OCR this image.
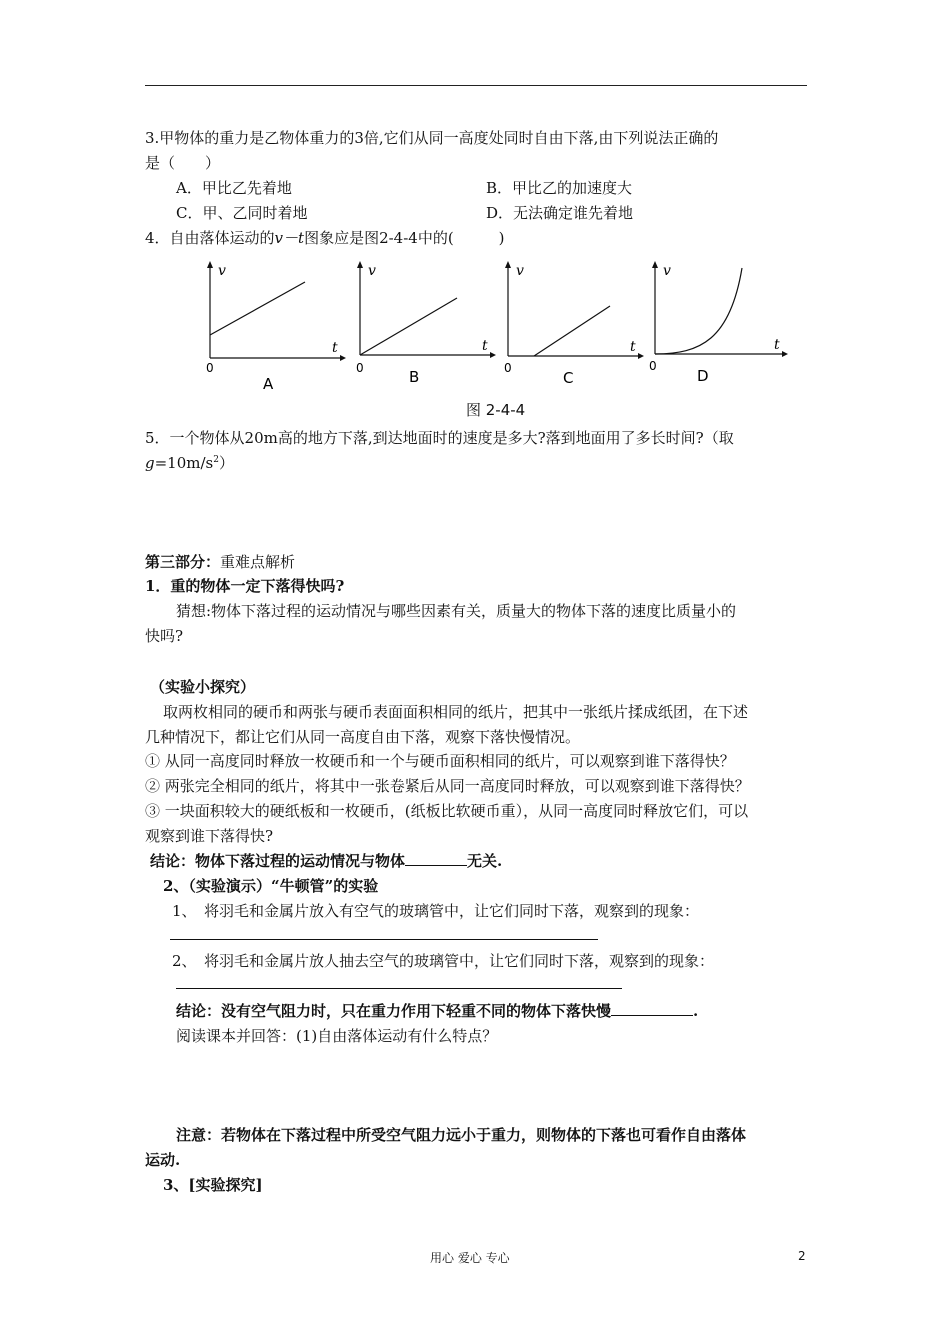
3.甲物体的重力是乙物体重力的3倍,它们从同一高度处同时自由下落,由下列说法正确的
是（　　）
A．甲比乙先着地	B．甲比乙的加速度大
C．甲、乙同时着地	D．无法确定谁先着地
4．自由落体运动的v－t图象应是图2-4-4中的(　　　)
v
t
0
A
v
t
0	B
v
t
0
C
v
t
0
D
图 2-4-4
5．一个物体从20m高的地方下落,到达地面时的速度是多大?落到地面用了多长时间?（取
$g=10m/s^2$）
第三部分：重难点解析
1．重的物体一定下落得快吗?
猜想:物体下落过程的运动情况与哪些因素有关，质量大的物体下落的速度比质量小的
快吗?
（实验小探究）
取两枚相同的硬币和两张与硬币表面面积相同的纸片，把其中一张纸片揉成纸团，在下述
几种情况下，都让它们从同一高度自由下落，观察下落快慢情况。
① 从同一高度同时释放一枚硬币和一个与硬币面积相同的纸片，可以观察到谁下落得快？
② 两张完全相同的纸片，将其中一张卷紧后从同一高度同时释放，可以观察到谁下落得快？
③ 一块面积较大的硬纸板和一枚硬币，(纸板比软硬币重），从同一高度同时释放它们，可以
观察到谁下落得快?
结论：物体下落过程的运动情况与物体	无关.
2、（实验演示）“牛顿管”的实验
1、　将羽毛和金属片放入有空气的玻璃管中，让它们同时下落，观察到的现象：
2、　将羽毛和金属片放人抽去空气的玻璃管中，让它们同时下落，观察到的现象：
结论：没有空气阻力时，只在重力作用下轻重不同的物体下落快慢	.
阅读课本并回答：(1)自由落体运动有什么特点？
注意：若物体在下落过程中所受空气阻力远小于重力，则物体的下落也可看作自由落体
运动.
3、[实验探究]
用心 爱心 专心	2
